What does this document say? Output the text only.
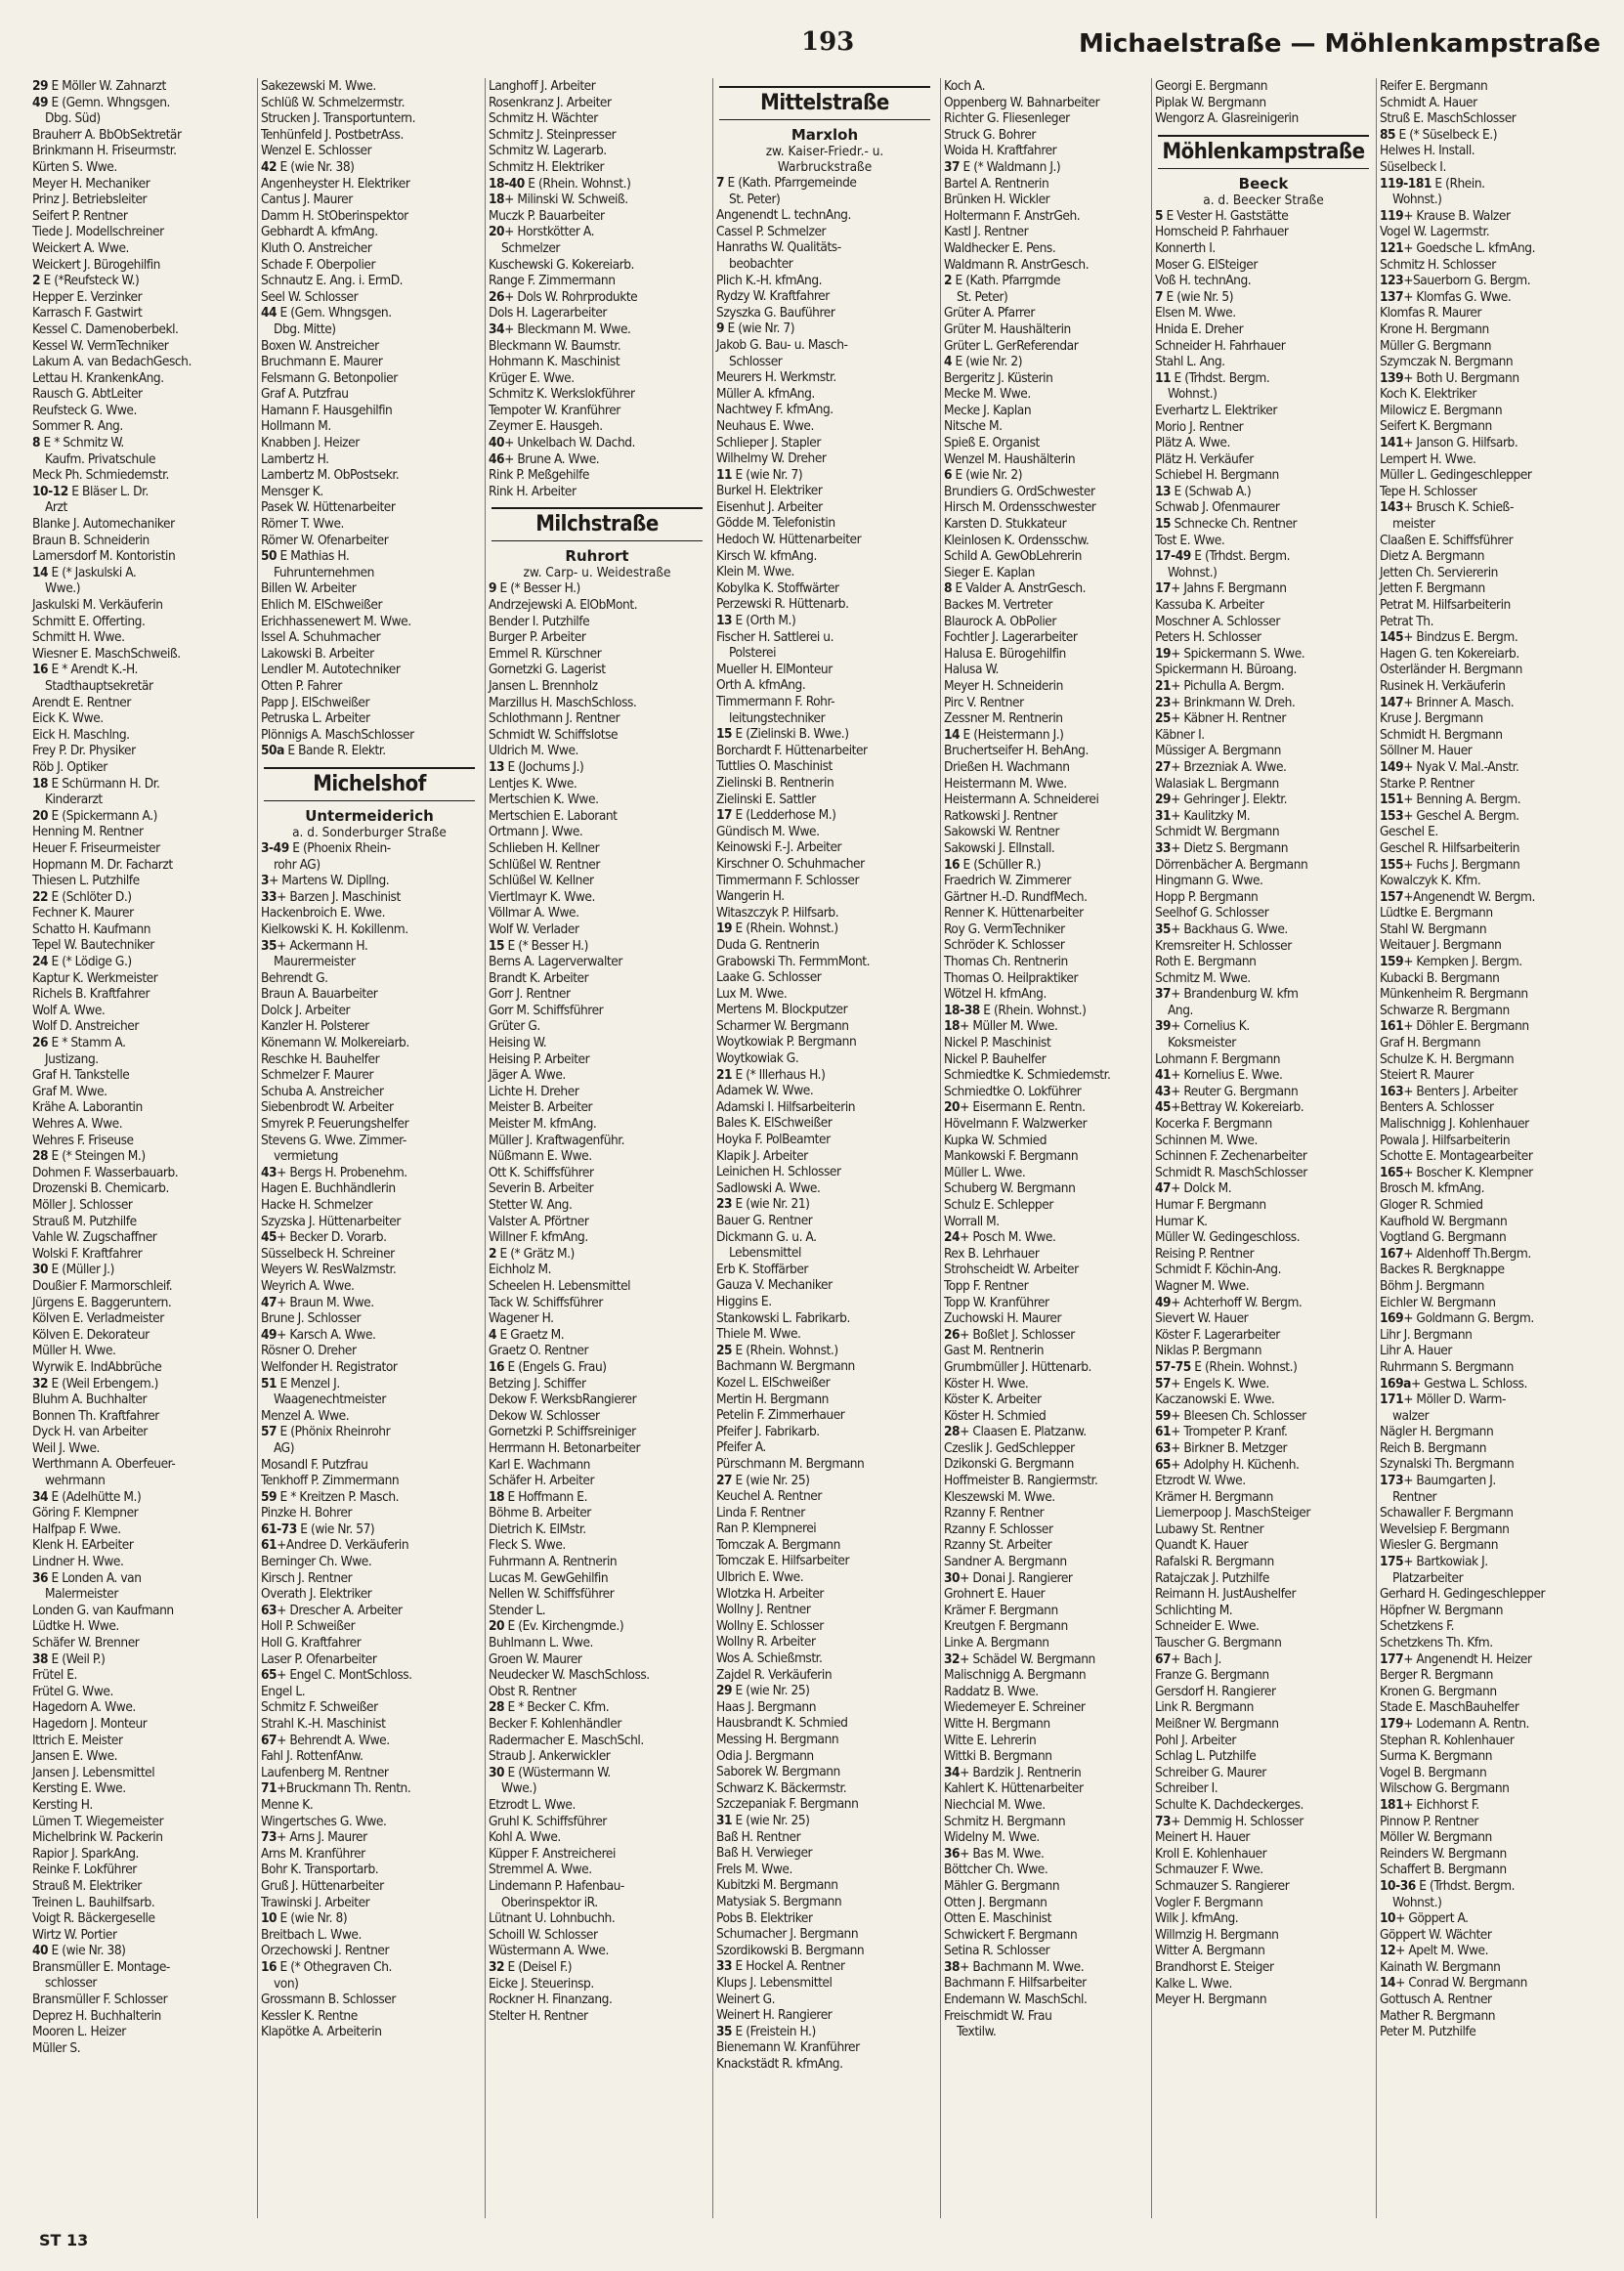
193	Michaelstraße — Möhlenkampstraße
29 E Möller W. Zahnarzt
49 E (Gemn. Whngsgen.
Dbg. Süd)
Brauherr A. BbObSektretär
Brinkmann H. Friseurmstr.
Kürten S. Wwe.
Meyer H. Mechaniker
Prinz J. Betriebsleiter
Seifert P. Rentner
Tiede J. Modellschreiner
Weickert A. Wwe.
Weickert J. Bürogehilfin
2 E (*Reufsteck W.)
Hepper E. Verzinker
Karrasch F. Gastwirt
Kessel C. Damenoberbekl.
Kessel W. VermTechniker
Lakum A. van BedachGesch.
Lettau H. KrankenkAng.
Rausch G. AbtLeiter
Reufsteck G. Wwe.
Sommer R. Ang.
8 E * Schmitz W.
Kaufm. Privatschule
Meck Ph. Schmiedemstr.
10-12 E Bläser L. Dr.
Arzt
Blanke J. Automechaniker
Braun B. Schneiderin
Lamersdorf M. Kontoristin
14 E (* Jaskulski A.
Wwe.)
Jaskulski M. Verkäuferin
Schmitt E. Offerting.
Schmitt H. Wwe.
Wiesner E. MaschSchweiß.
16 E * Arendt K.-H.
Stadthauptsekretär
Arendt E. Rentner
Eick K. Wwe.
Eick H. Maschlng.
Frey P. Dr. Physiker
Röb J. Optiker
18 E Schürmann H. Dr.
Kinderarzt
20 E (Spickermann A.)
Henning M. Rentner
Heuer F. Friseurmeister
Hopmann M. Dr. Facharzt
Thiesen L. Putzhilfe
22 E (Schlöter D.)
Fechner K. Maurer
Schatto H. Kaufmann
Tepel W. Bautechniker
24 E (* Lödige G.)
Kaptur K. Werkmeister
Richels B. Kraftfahrer
Wolf A. Wwe.
Wolf D. Anstreicher
26 E * Stamm A.
Justizang.
Graf H. Tankstelle
Graf M. Wwe.
Krähe A. Laborantin
Wehres A. Wwe.
Wehres F. Friseuse
28 E (* Steingen M.)
Dohmen F. Wasserbauarb.
Drozenski B. Chemicarb.
Möller J. Schlosser
Strauß M. Putzhilfe
Vahle W. Zugschaffner
Wolski F. Kraftfahrer
30 E (Müller J.)
Doußier F. Marmorschleif.
Jürgens E. Baggeruntern.
Kölven E. Verladmeister
Kölven E. Dekorateur
Müller H. Wwe.
Wyrwik E. IndAbbrüche
32 E (Weil Erbengem.)
Bluhm A. Buchhalter
Bonnen Th. Kraftfahrer
Dyck H. van Arbeiter
Weil J. Wwe.
Werthmann A. Oberfeuer-
wehrmann
34 E (Adelhütte M.)
Göring F. Klempner
Halfpap F. Wwe.
Klenk H. EArbeiter
Lindner H. Wwe.
36 E Londen A. van
Malermeister
Londen G. van Kaufmann
Lüdtke H. Wwe.
Schäfer W. Brenner
38 E (Weil P.)
Frütel E.
Frütel G. Wwe.
Hagedorn A. Wwe.
Hagedorn J. Monteur
Ittrich E. Meister
Jansen E. Wwe.
Jansen J. Lebensmittel
Kersting E. Wwe.
Kersting H.
Lümen T. Wiegemeister
Michelbrink W. Packerin
Rapior J. SparkAng.
Reinke F. Lokführer
Strauß M. Elektriker
Treinen L. Bauhilfsarb.
Voigt R. Bäckergeselle
Wirtz W. Portier
40 E (wie Nr. 38)
Bransmüller E. Montage-
schlosser
Bransmüller F. Schlosser
Deprez H. Buchhalterin
Mooren L. Heizer
Müller S.
Sakezewski M. Wwe.
Schlüß W. Schmelzermstr.
Strucken J. Transportuntern.
Tenhünfeld J. PostbetrAss.
Wenzel E. Schlosser
42 E (wie Nr. 38)
Angenheyster H. Elektriker
Cantus J. Maurer
Damm H. StOberinspektor
Gebhardt A. kfmAng.
Kluth O. Anstreicher
Schade F. Oberpolier
Schnautz E. Ang. i. ErmD.
Seel W. Schlosser
44 E (Gem. Whngsgen.
Dbg. Mitte)
Boxen W. Anstreicher
Bruchmann E. Maurer
Felsmann G. Betonpolier
Graf A. Putzfrau
Hamann F. Hausgehilfin
Hollmann M.
Knabben J. Heizer
Lambertz H.
Lambertz M. ObPostsekr.
Mensger K.
Pasek W. Hüttenarbeiter
Römer T. Wwe.
Römer W. Ofenarbeiter
50 E Mathias H.
Fuhrunternehmen
Billen W. Arbeiter
Ehlich M. ElSchweißer
Erichhassenewert M. Wwe.
Issel A. Schuhmacher
Lakowski B. Arbeiter
Lendler M. Autotechniker
Otten P. Fahrer
Papp J. ElSchweißer
Petruska L. Arbeiter
Plönnigs A. MaschSchlosser
50a E Bande R. Elektr.
Michelshof
Untermeiderich
a. d. Sonderburger Straße
3-49 E (Phoenix Rhein-
rohr AG)
3+ Martens W. Dipllng.
33+ Barzen J. Maschinist
Hackenbroich E. Wwe.
Kielkowski K. H. Kokillenm.
35+ Ackermann H.
Maurermeister
Behrendt G.
Braun A. Bauarbeiter
Dolck J. Arbeiter
Kanzler H. Polsterer
Könemann W. Molkereiarb.
Reschke H. Bauhelfer
Schmelzer F. Maurer
Schuba A. Anstreicher
Siebenbrodt W. Arbeiter
Smyrek P. Feuerungshelfer
Stevens G. Wwe. Zimmer-
vermietung
43+ Bergs H. Probenehm.
Hagen E. Buchhändlerin
Hacke H. Schmelzer
Szyzska J. Hüttenarbeiter
45+ Becker D. Vorarb.
Süsselbeck H. Schreiner
Weyers W. ResWalzmstr.
Weyrich A. Wwe.
47+ Braun M. Wwe.
Brune J. Schlosser
49+ Karsch A. Wwe.
Rösner O. Dreher
Welfonder H. Registrator
51 E Menzel J.
Waagenechtmeister
Menzel A. Wwe.
57 E (Phönix Rheinrohr
AG)
Mosandl F. Putzfrau
Tenkhoff P. Zimmermann
59 E * Kreitzen P. Masch.
Pinzke H. Bohrer
61-73 E (wie Nr. 57)
61+Andree D. Verkäuferin
Berninger Ch. Wwe.
Kirsch J. Rentner
Overath J. Elektriker
63+ Drescher A. Arbeiter
Holl P. Schweißer
Holl G. Kraftfahrer
Laser P. Ofenarbeiter
65+ Engel C. MontSchloss.
Engel L.
Schmitz F. Schweißer
Strahl K.-H. Maschinist
67+ Behrendt A. Wwe.
Fahl J. RottenfAnw.
Laufenberg M. Rentner
71+Bruckmann Th. Rentn.
Menne K.
Wingertsches G. Wwe.
73+ Arns J. Maurer
Arns M. Kranführer
Bohr K. Transportarb.
Gruß J. Hüttenarbeiter
Trawinski J. Arbeiter
10 E (wie Nr. 8)
Breitbach L. Wwe.
Orzechowski J. Rentner
16 E (* Othegraven Ch.
von)
Grossmann B. Schlosser
Kessler K. Rentne
Klapötke A. Arbeiterin
Langhoff J. Arbeiter
Rosenkranz J. Arbeiter
Schmitz H. Wächter
Schmitz J. Steinpresser
Schmitz W. Lagerarb.
Schmitz H. Elektriker
18-40 E (Rhein. Wohnst.)
18+ Milinski W. Schweiß.
Muczk P. Bauarbeiter
20+ Horstkötter A.
Schmelzer
Kuschewski G. Kokereiarb.
Range F. Zimmermann
26+ Dols W. Rohrprodukte
Dols H. Lagerarbeiter
34+ Bleckmann M. Wwe.
Bleckmann W. Baumstr.
Hohmann K. Maschinist
Krüger E. Wwe.
Schmitz K. Werkslokführer
Tempoter W. Kranführer
Zeymer E. Hausgeh.
40+ Unkelbach W. Dachd.
46+ Brune A. Wwe.
Rink P. Meßgehilfe
Rink H. Arbeiter
Milchstraße
Ruhrort
zw. Carp- u. Weidestraße
9 E (* Besser H.)
Andrzejewski A. ElObMont.
Bender I. Putzhilfe
Burger P. Arbeiter
Emmel R. Kürschner
Gornetzki G. Lagerist
Jansen L. Brennholz
Marzillus H. MaschSchloss.
Schlothmann J. Rentner
Schmidt W. Schiffslotse
Uldrich M. Wwe.
13 E (Jochums J.)
Lentjes K. Wwe.
Mertschien K. Wwe.
Mertschien E. Laborant
Ortmann J. Wwe.
Schlieben H. Kellner
Schlüßel W. Rentner
Schlüßel W. Kellner
Viertlmayr K. Wwe.
Völlmar A. Wwe.
Wolf W. Verlader
15 E (* Besser H.)
Berns A. Lagerverwalter
Brandt K. Arbeiter
Gorr J. Rentner
Gorr M. Schiffsführer
Grüter G.
Heising W.
Heising P. Arbeiter
Jäger A. Wwe.
Lichte H. Dreher
Meister B. Arbeiter
Meister M. kfmAng.
Müller J. Kraftwagenführ.
Nüßmann E. Wwe.
Ott K. Schiffsführer
Severin B. Arbeiter
Stetter W. Ang.
Valster A. Pförtner
Willner F. kfmAng.
2 E (* Grätz M.)
Eichholz M.
Scheelen H. Lebensmittel
Tack W. Schiffsführer
Wagener H.
4 E Graetz M.
Graetz O. Rentner
16 E (Engels G. Frau)
Betzing J. Schiffer
Dekow F. WerksbRangierer
Dekow W. Schlosser
Gornetzki P. Schiffsreiniger
Herrmann H. Betonarbeiter
Karl E. Wachmann
Schäfer H. Arbeiter
18 E Hoffmann E.
Böhme B. Arbeiter
Dietrich K. ElMstr.
Fleck S. Wwe.
Fuhrmann A. Rentnerin
Lucas M. GewGehilfin
Nellen W. Schiffsführer
Stender L.
20 E (Ev. Kirchengmde.)
Buhlmann L. Wwe.
Groen W. Maurer
Neudecker W. MaschSchloss.
Obst R. Rentner
28 E * Becker C. Kfm.
Becker F. Kohlenhändler
Radermacher E. MaschSchl.
Straub J. Ankerwickler
30 E (Wüstermann W.
Wwe.)
Etzrodt L. Wwe.
Gruhl K. Schiffsführer
Kohl A. Wwe.
Küpper F. Anstreicherei
Stremmel A. Wwe.
Lindemann P. Hafenbau-
Oberinspektor iR.
Lütnant U. Lohnbuchh.
Schoill W. Schlosser
Wüstermann A. Wwe.
32 E (Deisel F.)
Eicke J. Steuerinsp.
Rockner H. Finanzang.
Stelter H. Rentner
Mittelstraße
Marxloh
zw. Kaiser-Friedr.- u.
Warbruckstraße
7 E (Kath. Pfarrgemeinde
St. Peter)
Angenendt L. technAng.
Cassel P. Schmelzer
Hanraths W. Qualitäts-
beobachter
Plich K.-H. kfmAng.
Rydzy W. Kraftfahrer
Szyszka G. Bauführer
9 E (wie Nr. 7)
Jakob G. Bau- u. Masch-
Schlosser
Meurers H. Werkmstr.
Müller A. kfmAng.
Nachtwey F. kfmAng.
Neuhaus E. Wwe.
Schlieper J. Stapler
Wilhelmy W. Dreher
11 E (wie Nr. 7)
Burkel H. Elektriker
Eisenhut J. Arbeiter
Gödde M. Telefonistin
Hedoch W. Hüttenarbeiter
Kirsch W. kfmAng.
Klein M. Wwe.
Kobylka K. Stoffwärter
Perzewski R. Hüttenarb.
13 E (Orth M.)
Fischer H. Sattlerei u.
Polsterei
Mueller H. ElMonteur
Orth A. kfmAng.
Timmermann F. Rohr-
leitungstechniker
15 E (Zielinski B. Wwe.)
Borchardt F. Hüttenarbeiter
Tuttlies O. Maschinist
Zielinski B. Rentnerin
Zielinski E. Sattler
17 E (Ledderhose M.)
Gündisch M. Wwe.
Keinowski F.-J. Arbeiter
Kirschner O. Schuhmacher
Timmermann F. Schlosser
Wangerin H.
Witaszczyk P. Hilfsarb.
19 E (Rhein. Wohnst.)
Duda G. Rentnerin
Grabowski Th. FermmMont.
Laake G. Schlosser
Lux M. Wwe.
Mertens M. Blockputzer
Scharmer W. Bergmann
Woytkowiak P. Bergmann
Woytkowiak G.
21 E (* Illerhaus H.)
Adamek W. Wwe.
Adamski I. Hilfsarbeiterin
Bales K. ElSchweißer
Hoyka F. PolBeamter
Klapik J. Arbeiter
Leinichen H. Schlosser
Sadlowski A. Wwe.
23 E (wie Nr. 21)
Bauer G. Rentner
Dickmann G. u. A.
Lebensmittel
Erb K. Stoffärber
Gauza V. Mechaniker
Higgins E.
Stankowski L. Fabrikarb.
Thiele M. Wwe.
25 E (Rhein. Wohnst.)
Bachmann W. Bergmann
Kozel L. ElSchweißer
Mertin H. Bergmann
Petelin F. Zimmerhauer
Pfeifer J. Fabrikarb.
Pfeifer A.
Pürschmann M. Bergmann
27 E (wie Nr. 25)
Keuchel A. Rentner
Linda F. Rentner
Ran P. Klempnerei
Tomczak A. Bergmann
Tomczak E. Hilfsarbeiter
Ulbrich E. Wwe.
Wlotzka H. Arbeiter
Wollny J. Rentner
Wollny E. Schlosser
Wollny R. Arbeiter
Wos A. Schießmstr.
Zajdel R. Verkäuferin
29 E (wie Nr. 25)
Haas J. Bergmann
Hausbrandt K. Schmied
Messing H. Bergmann
Odia J. Bergmann
Saborek W. Bergmann
Schwarz K. Bäckermstr.
Szczepaniak F. Bergmann
31 E (wie Nr. 25)
Baß H. Rentner
Baß H. Verwieger
Frels M. Wwe.
Kubitzki M. Bergmann
Matysiak S. Bergmann
Pobs B. Elektriker
Schumacher J. Bergmann
Szordikowski B. Bergmann
33 E Hockel A. Rentner
Klups J. Lebensmittel
Weinert G.
Weinert H. Rangierer
35 E (Freistein H.)
Bienemann W. Kranführer
Knackstädt R. kfmAng.
Koch A.
Oppenberg W. Bahnarbeiter
Richter G. Fliesenleger
Struck G. Bohrer
Woida H. Kraftfahrer
37 E (* Waldmann J.)
Bartel A. Rentnerin
Brünken H. Wickler
Holtermann F. AnstrGeh.
Kastl J. Rentner
Waldhecker E. Pens.
Waldmann R. AnstrGesch.
2 E (Kath. Pfarrgmde
St. Peter)
Grüter A. Pfarrer
Grüter M. Haushälterin
Grüter L. GerReferendar
4 E (wie Nr. 2)
Bergeritz J. Küsterin
Mecke M. Wwe.
Mecke J. Kaplan
Nitsche M.
Spieß E. Organist
Wenzel M. Haushälterin
6 E (wie Nr. 2)
Brundiers G. OrdSchwester
Hirsch M. Ordensschwester
Karsten D. Stukkateur
Kleinlosen K. Ordensschw.
Schild A. GewObLehrerin
Sieger E. Kaplan
8 E Valder A. AnstrGesch.
Backes M. Vertreter
Blaurock A. ObPolier
Fochtler J. Lagerarbeiter
Halusa E. Bürogehilfin
Halusa W.
Meyer H. Schneiderin
Pirc V. Rentner
Zessner M. Rentnerin
14 E (Heistermann J.)
Bruchertseifer H. BehAng.
Drießen H. Wachmann
Heistermann M. Wwe.
Heistermann A. Schneiderei
Ratkowski J. Rentner
Sakowski W. Rentner
Sakowski J. ElInstall.
16 E (Schüller R.)
Fraedrich W. Zimmerer
Gärtner H.-D. RundfMech.
Renner K. Hüttenarbeiter
Roy G. VermTechniker
Schröder K. Schlosser
Thomas Ch. Rentnerin
Thomas O. Heilpraktiker
Wötzel H. kfmAng.
18-38 E (Rhein. Wohnst.)
18+ Müller M. Wwe.
Nickel P. Maschinist
Nickel P. Bauhelfer
Schmiedtke K. Schmiedemstr.
Schmiedtke O. Lokführer
20+ Eisermann E. Rentn.
Hövelmann F. Walzwerker
Kupka W. Schmied
Mankowski F. Bergmann
Müller L. Wwe.
Schuberg W. Bergmann
Schulz E. Schlepper
Worrall M.
24+ Posch M. Wwe.
Rex B. Lehrhauer
Strohscheidt W. Arbeiter
Topp F. Rentner
Topp W. Kranführer
Zuchowski H. Maurer
26+ Boßlet J. Schlosser
Gast M. Rentnerin
Grumbmüller J. Hüttenarb.
Köster H. Wwe.
Köster K. Arbeiter
Köster H. Schmied
28+ Claasen E. Platzanw.
Czeslik J. GedSchlepper
Dzikonski G. Bergmann
Hoffmeister B. Rangiermstr.
Kleszewski M. Wwe.
Rzanny F. Rentner
Rzanny F. Schlosser
Rzanny St. Arbeiter
Sandner A. Bergmann
30+ Donai J. Rangierer
Grohnert E. Hauer
Krämer F. Bergmann
Kreutgen F. Bergmann
Linke A. Bergmann
32+ Schädel W. Bergmann
Malischnigg A. Bergmann
Raddatz B. Wwe.
Wiedemeyer E. Schreiner
Witte H. Bergmann
Witte E. Lehrerin
Wittki B. Bergmann
34+ Bardzik J. Rentnerin
Kahlert K. Hüttenarbeiter
Niechcial M. Wwe.
Schmitz H. Bergmann
Widelny M. Wwe.
36+ Bas M. Wwe.
Böttcher Ch. Wwe.
Mähler G. Bergmann
Otten J. Bergmann
Otten E. Maschinist
Schwickert F. Bergmann
Setina R. Schlosser
38+ Bachmann M. Wwe.
Bachmann F. Hilfsarbeiter
Endemann W. MaschSchl.
Freischmidt W. Frau
Textilw.
Georgi E. Bergmann
Piplak W. Bergmann
Wengorz A. Glasreinigerin
Möhlenkampstraße
Beeck
a. d. Beecker Straße
5 E Vester H. Gaststätte
Homscheid P. Fahrhauer
Konnerth I.
Moser G. ElSteiger
Voß H. technAng.
7 E (wie Nr. 5)
Elsen M. Wwe.
Hnida E. Dreher
Schneider H. Fahrhauer
Stahl L. Ang.
11 E (Trhdst. Bergm.
Wohnst.)
Everhartz L. Elektriker
Morio J. Rentner
Plätz A. Wwe.
Plätz H. Verkäufer
Schiebel H. Bergmann
13 E (Schwab A.)
Schwab J. Ofenmaurer
15 Schnecke Ch. Rentner
Tost E. Wwe.
17-49 E (Trhdst. Bergm.
Wohnst.)
17+ Jahns F. Bergmann
Kassuba K. Arbeiter
Moschner A. Schlosser
Peters H. Schlosser
19+ Spickermann S. Wwe.
Spickermann H. Büroang.
21+ Pichulla A. Bergm.
23+ Brinkmann W. Dreh.
25+ Käbner H. Rentner
Käbner I.
Müssiger A. Bergmann
27+ Brzezniak A. Wwe.
Walasiak L. Bergmann
29+ Gehringer J. Elektr.
31+ Kaulitzky M.
Schmidt W. Bergmann
33+ Dietz S. Bergmann
Dörrenbächer A. Bergmann
Hingmann G. Wwe.
Hopp P. Bergmann
Seelhof G. Schlosser
35+ Backhaus G. Wwe.
Kremsreiter H. Schlosser
Roth E. Bergmann
Schmitz M. Wwe.
37+ Brandenburg W. kfm
Ang.
39+ Cornelius K.
Koksmeister
Lohmann F. Bergmann
41+ Kornelius E. Wwe.
43+ Reuter G. Bergmann
45+Bettray W. Kokereiarb.
Kocerka F. Bergmann
Schinnen M. Wwe.
Schinnen F. Zechenarbeiter
Schmidt R. MaschSchlosser
47+ Dolck M.
Humar F. Bergmann
Humar K.
Müller W. Gedingeschloss.
Reising P. Rentner
Schmidt F. Köchin-Ang.
Wagner M. Wwe.
49+ Achterhoff W. Bergm.
Sievert W. Hauer
Köster F. Lagerarbeiter
Niklas P. Bergmann
57-75 E (Rhein. Wohnst.)
57+ Engels K. Wwe.
Kaczanowski E. Wwe.
59+ Bleesen Ch. Schlosser
61+ Trompeter P. Kranf.
63+ Birkner B. Metzger
65+ Adolphy H. Küchenh.
Etzrodt W. Wwe.
Krämer H. Bergmann
Liemerpoop J. MaschSteiger
Lubawy St. Rentner
Quandt K. Hauer
Rafalski R. Bergmann
Ratajczak J. Putzhilfe
Reimann H. JustAushelfer
Schlichting M.
Schneider E. Wwe.
Tauscher G. Bergmann
67+ Bach J.
Franze G. Bergmann
Gersdorf H. Rangierer
Link R. Bergmann
Meißner W. Bergmann
Pohl J. Arbeiter
Schlag L. Putzhilfe
Schreiber G. Maurer
Schreiber I.
Schulte K. Dachdeckerges.
73+ Demmig H. Schlosser
Meinert H. Hauer
Kroll E. Kohlenhauer
Schmauzer F. Wwe.
Schmauzer S. Rangierer
Vogler F. Bergmann
Wilk J. kfmAng.
Willmzig H. Bergmann
Witter A. Bergmann
Brandhorst E. Steiger
Kalke L. Wwe.
Meyer H. Bergmann
Reifer E. Bergmann
Schmidt A. Hauer
Struß E. MaschSchlosser
85 E (* Süselbeck E.)
Helwes H. Install.
Süselbeck I.
119-181 E (Rhein.
Wohnst.)
119+ Krause B. Walzer
Vogel W. Lagermstr.
121+ Goedsche L. kfmAng.
Schmitz H. Schlosser
123+Sauerborn G. Bergm.
137+ Klomfas G. Wwe.
Klomfas R. Maurer
Krone H. Bergmann
Müller G. Bergmann
Szymczak N. Bergmann
139+ Both U. Bergmann
Koch K. Elektriker
Milowicz E. Bergmann
Seifert K. Bergmann
141+ Janson G. Hilfsarb.
Lempert H. Wwe.
Müller L. Gedingeschlepper
Tepe H. Schlosser
143+ Brusch K. Schieß-
meister
Claaßen E. Schiffsführer
Dietz A. Bergmann
Jetten Ch. Serviererin
Jetten F. Bergmann
Petrat M. Hilfsarbeiterin
Petrat Th.
145+ Bindzus E. Bergm.
Hagen G. ten Kokereiarb.
Osterländer H. Bergmann
Rusinek H. Verkäuferin
147+ Brinner A. Masch.
Kruse J. Bergmann
Schmidt H. Bergmann
Söllner M. Hauer
149+ Nyak V. Mal.-Anstr.
Starke P. Rentner
151+ Benning A. Bergm.
153+ Geschel A. Bergm.
Geschel E.
Geschel R. Hilfsarbeiterin
155+ Fuchs J. Bergmann
Kowalczyk K. Kfm.
157+Angenendt W. Bergm.
Lüdtke E. Bergmann
Stahl W. Bergmann
Weitauer J. Bergmann
159+ Kempken J. Bergm.
Kubacki B. Bergmann
Münkenheim R. Bergmann
Schwarze R. Bergmann
161+ Döhler E. Bergmann
Graf H. Bergmann
Schulze K. H. Bergmann
Steiert R. Maurer
163+ Benters J. Arbeiter
Benters A. Schlosser
Malischnigg J. Kohlenhauer
Powala J. Hilfsarbeiterin
Schotte E. Montagearbeiter
165+ Boscher K. Klempner
Brosch M. kfmAng.
Gloger R. Schmied
Kaufhold W. Bergmann
Vogtland G. Bergmann
167+ Aldenhoff Th.Bergm.
Backes R. Bergknappe
Böhm J. Bergmann
Eichler W. Bergmann
169+ Goldmann G. Bergm.
Lihr J. Bergmann
Lihr A. Hauer
Ruhrmann S. Bergmann
169a+ Gestwa L. Schloss.
171+ Möller D. Warm-
walzer
Nägler H. Bergmann
Reich B. Bergmann
Szynalski Th. Bergmann
173+ Baumgarten J.
Rentner
Schawaller F. Bergmann
Wevelsiep F. Bergmann
Wiesler G. Bergmann
175+ Bartkowiak J.
Platzarbeiter
Gerhard H. Gedingeschlepper
Höpfner W. Bergmann
Schetzkens F.
Schetzkens Th. Kfm.
177+ Angenendt H. Heizer
Berger R. Bergmann
Kronen G. Bergmann
Stade E. MaschBauhelfer
179+ Lodemann A. Rentn.
Stephan R. Kohlenhauer
Surma K. Bergmann
Vogel B. Bergmann
Wilschow G. Bergmann
181+ Eichhorst F.
Pinnow P. Rentner
Möller W. Bergmann
Reinders W. Bergmann
Schaffert B. Bergmann
10-36 E (Trhdst. Bergm.
Wohnst.)
10+ Göppert A.
Göppert W. Wächter
12+ Apelt M. Wwe.
Kainath W. Bergmann
14+ Conrad W. Bergmann
Gottusch A. Rentner
Mather R. Bergmann
Peter M. Putzhilfe
ST 13
